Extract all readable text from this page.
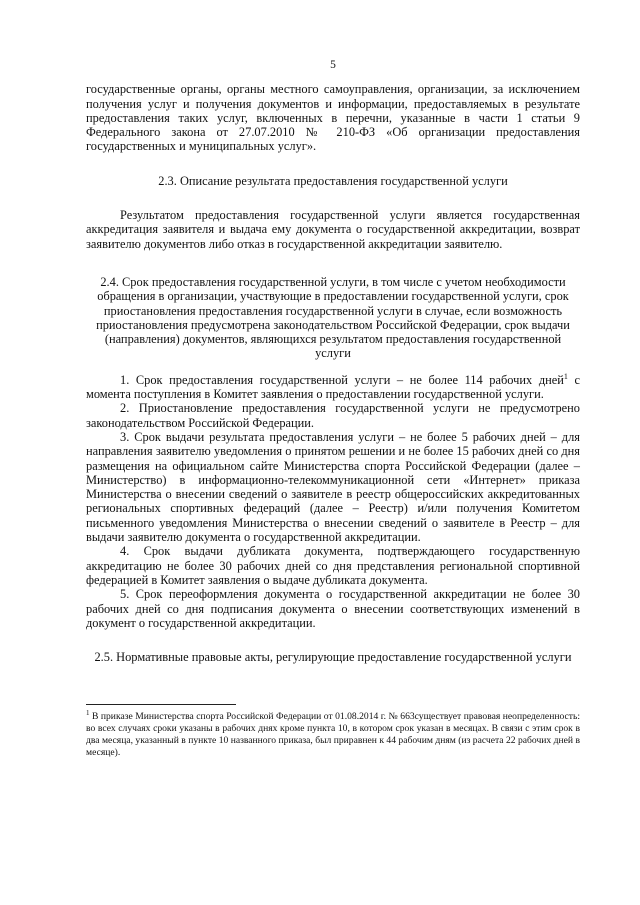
5

государственные органы, органы местного самоуправления, организации, за исключением получения услуг и получения документов и информации, предоставляемых в результате предоставления таких услуг, включенных в перечни, указанные в части 1 статьи 9 Федерального закона от 27.07.2010 № 210-ФЗ «Об организации предоставления государственных и муниципальных услуг».

2.3. Описание результата предоставления государственной услуги

Результатом предоставления государственной услуги является государственная аккредитация заявителя и выдача ему документа о государственной аккредитации, возврат заявителю документов либо отказ в государственной аккредитации заявителю.

2.4. Срок предоставления государственной услуги, в том числе с учетом необходимости обращения в организации, участвующие в предоставлении государственной услуги, срок приостановления предоставления государственной услуги в случае, если возможность приостановления предусмотрена законодательством Российской Федерации, срок выдачи (направления) документов, являющихся результатом предоставления государственной услуги

1. Срок предоставления государственной услуги – не более 114 рабочих дней$^1$ с момента поступления в Комитет заявления о предоставлении государственной услуги.

2. Приостановление предоставления государственной услуги не предусмотрено законодательством Российской Федерации.

3. Срок выдачи результата предоставления услуги – не более 5 рабочих дней – для направления заявителю уведомления о принятом решении и не более 15 рабочих дней со дня размещения на официальном сайте Министерства спорта Российской Федерации (далее – Министерство) в информационно-телекоммуникационной сети «Интернет» приказа Министерства о внесении сведений о заявителе в реестр общероссийских аккредитованных региональных спортивных федераций (далее – Реестр) и/или получения Комитетом письменного уведомления Министерства о внесении сведений о заявителе в Реестр – для выдачи заявителю документа о государственной аккредитации.

4. Срок выдачи дубликата документа, подтверждающего государственную аккредитацию не более 30 рабочих дней со дня представления региональной спортивной федерацией в Комитет заявления о выдаче дубликата документа.

5. Срок переоформления документа о государственной аккредитации не более 30 рабочих дней со дня подписания документа о внесении соответствующих изменений в документ о государственной аккредитации.

2.5. Нормативные правовые акты, регулирующие предоставление государственной услуги

$^1$ В приказе Министерства спорта Российской Федерации от 01.08.2014 г. № 663существует правовая неопределенность: во всех случаях сроки указаны в рабочих днях кроме пункта 10, в котором срок указан в месяцах. В связи с этим срок в два месяца, указанный в пункте 10 названного приказа, был приравнен к 44 рабочим дням (из расчета 22 рабочих дней в месяце).
